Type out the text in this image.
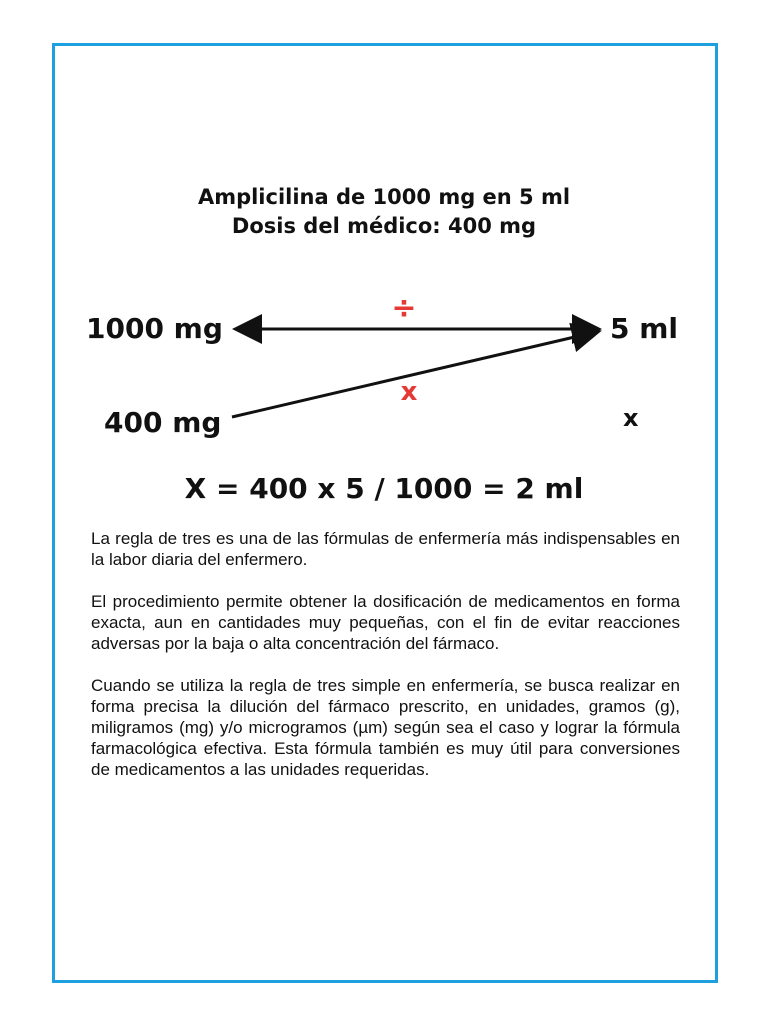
Amplicilina de 1000 mg en 5 ml
Dosis del médico: 400 mg
÷
x
1000 mg	5 ml
400 mg	x
X = 400 x 5 / 1000 = 2 ml

La regla de tres es una de las fórmulas de enfermería más indispensables en la labor diaria del enfermero.

El procedimiento permite obtener la dosificación de medicamentos en forma exacta, aun en cantidades muy pequeñas, con el fin de evitar reacciones adversas por la baja o alta concentración del fármaco.

Cuando se utiliza la regla de tres simple en enfermería, se busca realizar en forma precisa la dilución del fármaco prescrito, en unidades, gramos (g), miligramos (mg) y/o microgramos (µm) según sea el caso y lograr la fórmula farmacológica efectiva. Esta fórmula también es muy útil para conversiones de medicamentos a las unidades requeridas.
